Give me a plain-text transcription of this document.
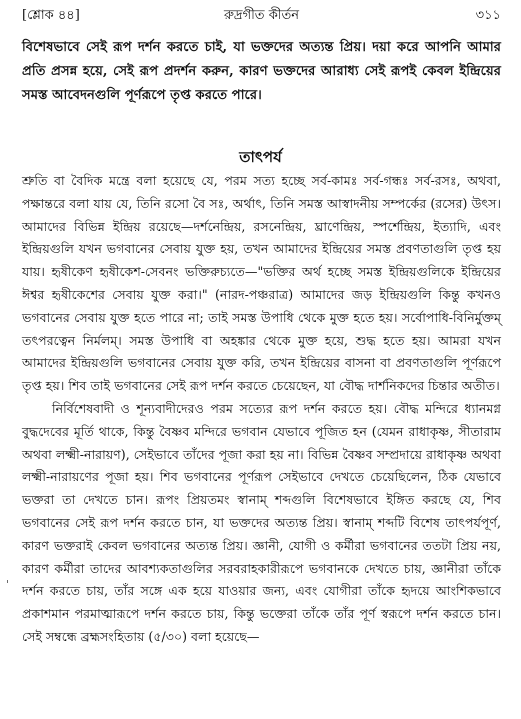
[শ্লোক ৪৪]	রুদ্রগীত কীর্তন	৩১১
বিশেষভাবে সেই রূপ দর্শন করতে চাই, যা ভক্তদের অত্যন্ত প্রিয়। দয়া করে আপনি আমার প্রতি প্রসন্ন হয়ে, সেই রূপ প্রদর্শন করুন, কারণ ভক্তদের আরাধ্য সেই রূপই কেবল ইন্দ্রিয়ের সমস্ত আবেদনগুলি পূর্ণরূপে তৃপ্ত করতে পারে।
তাৎপর্য

শ্রুতি বা বৈদিক মন্ত্রে বলা হয়েছে যে, পরম সত্য হচ্ছে সর্ব-কামঃ সর্ব-গন্ধঃ সর্ব-রসঃ, অথবা, পক্ষান্তরে বলা যায় যে, তিনি রসো বৈ সঃ, অর্থাৎ, তিনি সমস্ত আস্বাদনীয় সম্পর্কের (রসের) উৎস। আমাদের বিভিন্ন ইন্দ্রিয় রয়েছে—দর্শনেন্দ্রিয়, রসনেন্দ্রিয়, ঘ্রাণেন্দ্রিয়, স্পর্শেন্দ্রিয়, ইত্যাদি, এবং ইন্দ্রিয়গুলি যখন ভগবানের সেবায় যুক্ত হয়, তখন আমাদের ইন্দ্রিয়ের সমস্ত প্রবণতাগুলি তৃপ্ত হয় যায়। হৃষীকেণ হৃষীকেশ-সেবনং ভক্তিরুচ্যতে—"ভক্তির অর্থ হচ্ছে সমস্ত ইন্দ্রিয়গুলিকে ইন্দ্রিয়ের ঈশ্বর হৃষীকেশের সেবায় যুক্ত করা।" (নারদ-পঞ্চরাত্র) আমাদের জড় ইন্দ্রিয়গুলি কিন্তু কখনও ভগবানের সেবায় যুক্ত হতে পারে না; তাই সমস্ত উপাধি থেকে মুক্ত হতে হয়। সর্বোপাধি-বিনির্মুক্তম্ তৎপরত্বেন নির্মলম্। সমস্ত উপাধি বা অহঙ্কার থেকে মুক্ত হয়ে, শুদ্ধ হতে হয়। আমরা যখন আমাদের ইন্দ্রিয়গুলি ভগবানের সেবায় যুক্ত করি, তখন ইন্দ্রিয়ের বাসনা বা প্রবণতাগুলি পূর্ণরূপে তৃপ্ত হয়। শিব তাই ভগবানের সেই রূপ দর্শন করতে চেয়েছেন, যা বৌদ্ধ দার্শনিকদের চিন্তার অতীত।

নির্বিশেষবাদী ও শূন্যবাদীদেরও পরম সত্যের রূপ দর্শন করতে হয়। বৌদ্ধ মন্দিরে ধ্যানমগ্ন বুদ্ধদেবের মূর্তি থাকে, কিন্তু বৈষ্ণব মন্দিরে ভগবান যেভাবে পূজিত হন (যেমন রাধাকৃষ্ণ, সীতারাম অথবা লক্ষ্মী-নারায়ণ), সেইভাবে তাঁদের পূজা করা হয় না। বিভিন্ন বৈষ্ণব সম্প্রদায়ে রাধাকৃষ্ণ অথবা লক্ষ্মী-নারায়ণের পূজা হয়। শিব ভগবানের পূর্ণরূপ সেইভাবে দেখতে চেয়েছিলেন, ঠিক যেভাবে ভক্তরা তা দেখতে চান। রূপং প্রিয়তমং স্বানাম্ শব্দগুলি বিশেষভাবে ইঙ্গিত করছে যে, শিব ভগবানের সেই রূপ দর্শন করতে চান, যা ভক্তদের অত্যন্ত প্রিয়। স্বানাম্ শব্দটি বিশেষ তাৎপর্যপূর্ণ, কারণ ভক্তরাই কেবল ভগবানের অত্যন্ত প্রিয়। জ্ঞানী, যোগী ও কর্মীরা ভগবানের ততটা প্রিয় নয়, কারণ কর্মীরা তাদের আবশ্যকতাগুলির সরবরাহকারীরূপে ভগবানকে দেখতে চায়, জ্ঞানীরা তাঁকে দর্শন করতে চায়, তাঁর সঙ্গে এক হয়ে যাওয়ার জন্য, এবং যোগীরা তাঁকে হৃদয়ে আংশিকভাবে প্রকাশমান পরমাত্মারূপে দর্শন করতে চায়, কিন্তু ভক্তেরা তাঁকে তাঁর পূর্ণ স্বরূপে দর্শন করতে চান। সেই সম্বন্ধে ব্রহ্মসংহিতায় (৫/৩০) বলা হয়েছে—

'
